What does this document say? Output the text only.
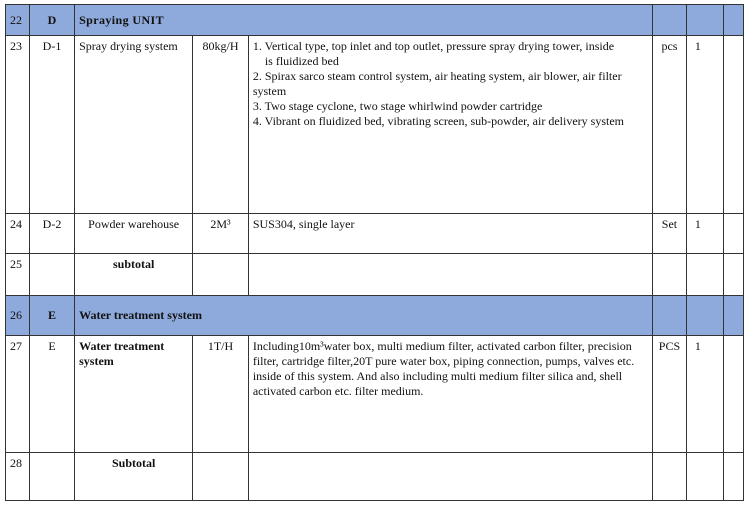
22	D	Spraying UNIT					
23	D-1	Spray drying system	80kg/H	1. Vertical type, top inlet and top outlet, pressure spray drying tower, inside
is fluidized bed
2. Spirax sarco steam control system, air heating system, air blower, air filter system
3. Two stage cyclone, two stage whirlwind powder cartridge
4. Vibrant on fluidized bed, vibrating screen, sub-powder, air delivery system	pcs	1	
24	D-2	Powder warehouse	2M³	SUS304, single layer	Set	1	
25		subtotal					
26	E	Water treatment system					
27	E	Water treatment system	1T/H	Including10m³water box, multi medium filter, activated carbon filter, precision filter, cartridge filter,20T pure water box, piping connection, pumps, valves etc. inside of this system. And also including multi medium filter silica and, shell activated carbon etc. filter medium.	PCS	1	
28		Subtotal					
